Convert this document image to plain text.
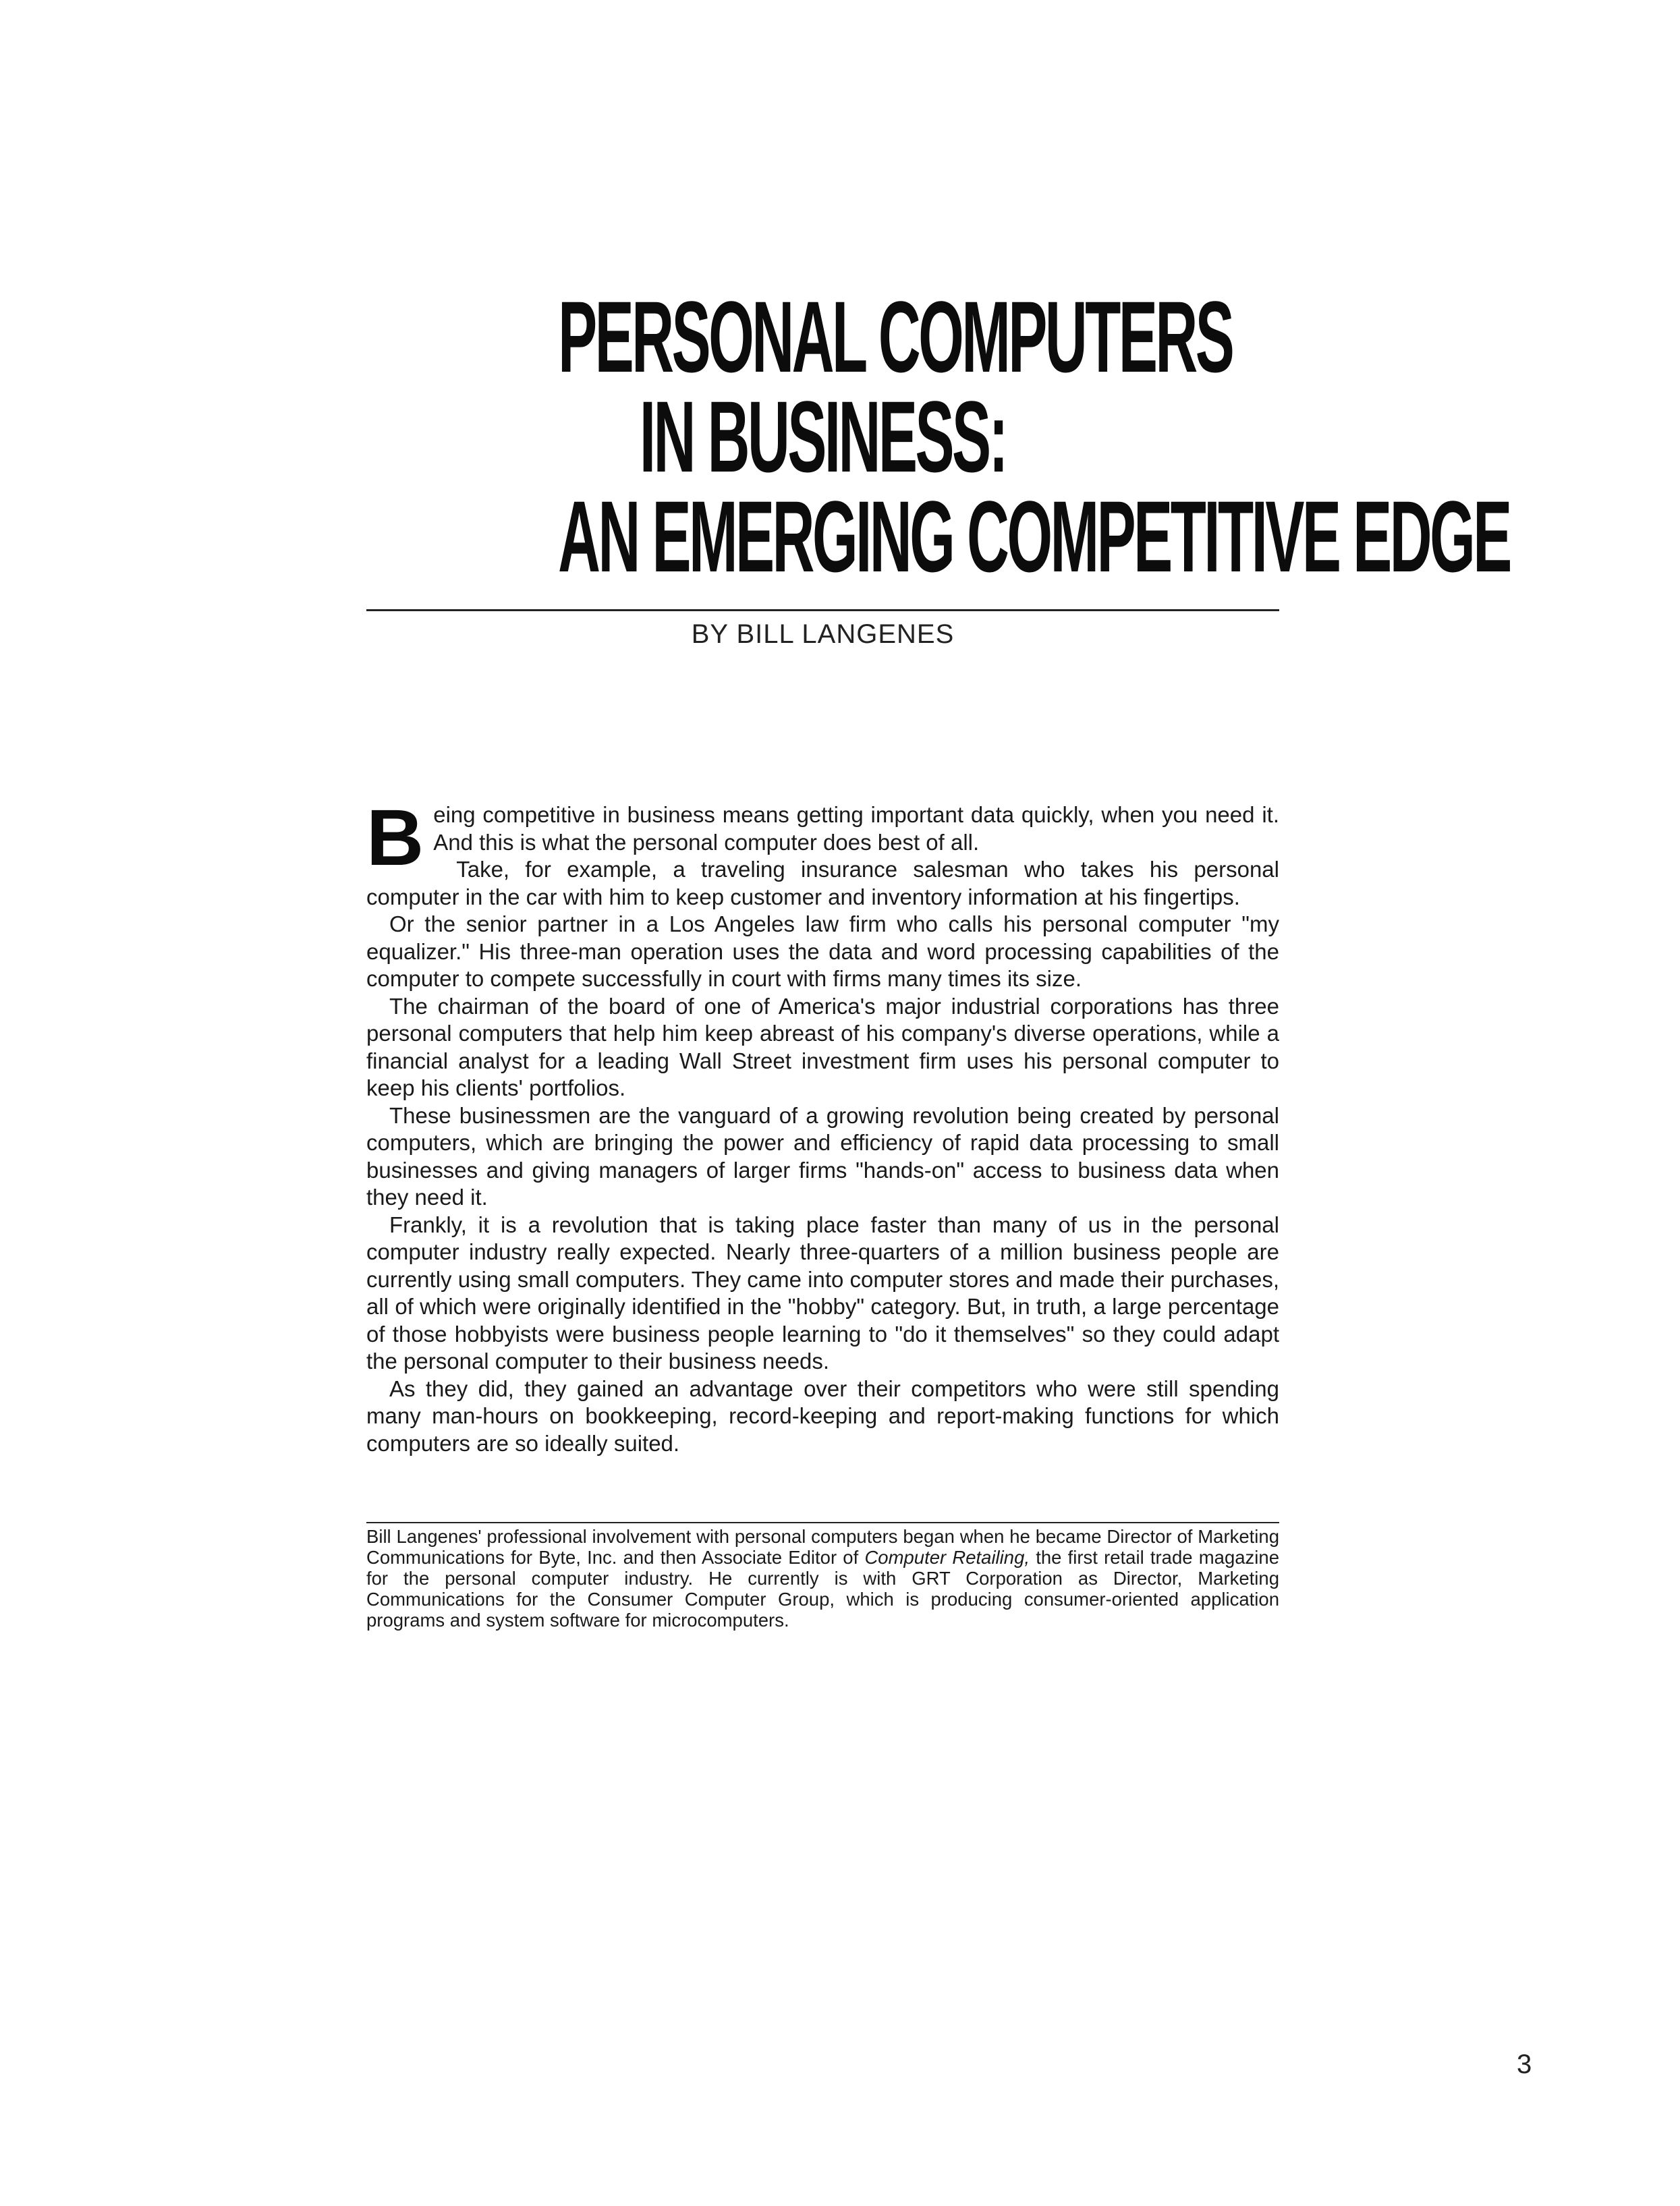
PERSONAL COMPUTERS
IN BUSINESS:
AN EMERGING COMPETITIVE EDGE
BY BILL LANGENES

Being competitive in business means getting important data quickly, when you need it. And this is what the personal computer does best of all.

Take, for example, a traveling insurance salesman who takes his personal computer in the car with him to keep customer and inventory information at his fingertips.

Or the senior partner in a Los Angeles law firm who calls his personal computer "my equalizer." His three-man operation uses the data and word processing capabilities of the computer to compete successfully in court with firms many times its size.

The chairman of the board of one of America's major industrial corporations has three personal computers that help him keep abreast of his company's diverse operations, while a financial analyst for a leading Wall Street investment firm uses his personal computer to keep his clients' portfolios.

These businessmen are the vanguard of a growing revolution being created by personal computers, which are bringing the power and efficiency of rapid data processing to small businesses and giving managers of larger firms "hands-on" access to business data when they need it.

Frankly, it is a revolution that is taking place faster than many of us in the personal computer industry really expected. Nearly three-quarters of a million business people are currently using small computers. They came into computer stores and made their purchases, all of which were originally identified in the "hobby" category. But, in truth, a large percentage of those hobbyists were business people learning to "do it themselves" so they could adapt the personal computer to their business needs.

As they did, they gained an advantage over their competitors who were still spending many man-hours on bookkeeping, record-keeping and report-making functions for which computers are so ideally suited.

Bill Langenes' professional involvement with personal computers began when he became Director of Marketing Communications for Byte, Inc. and then Associate Editor of Computer Retailing, the first retail trade magazine for the personal computer industry. He currently is with GRT Corporation as Director, Marketing Communications for the Consumer Computer Group, which is producing consumer-oriented application programs and system software for microcomputers.
3
